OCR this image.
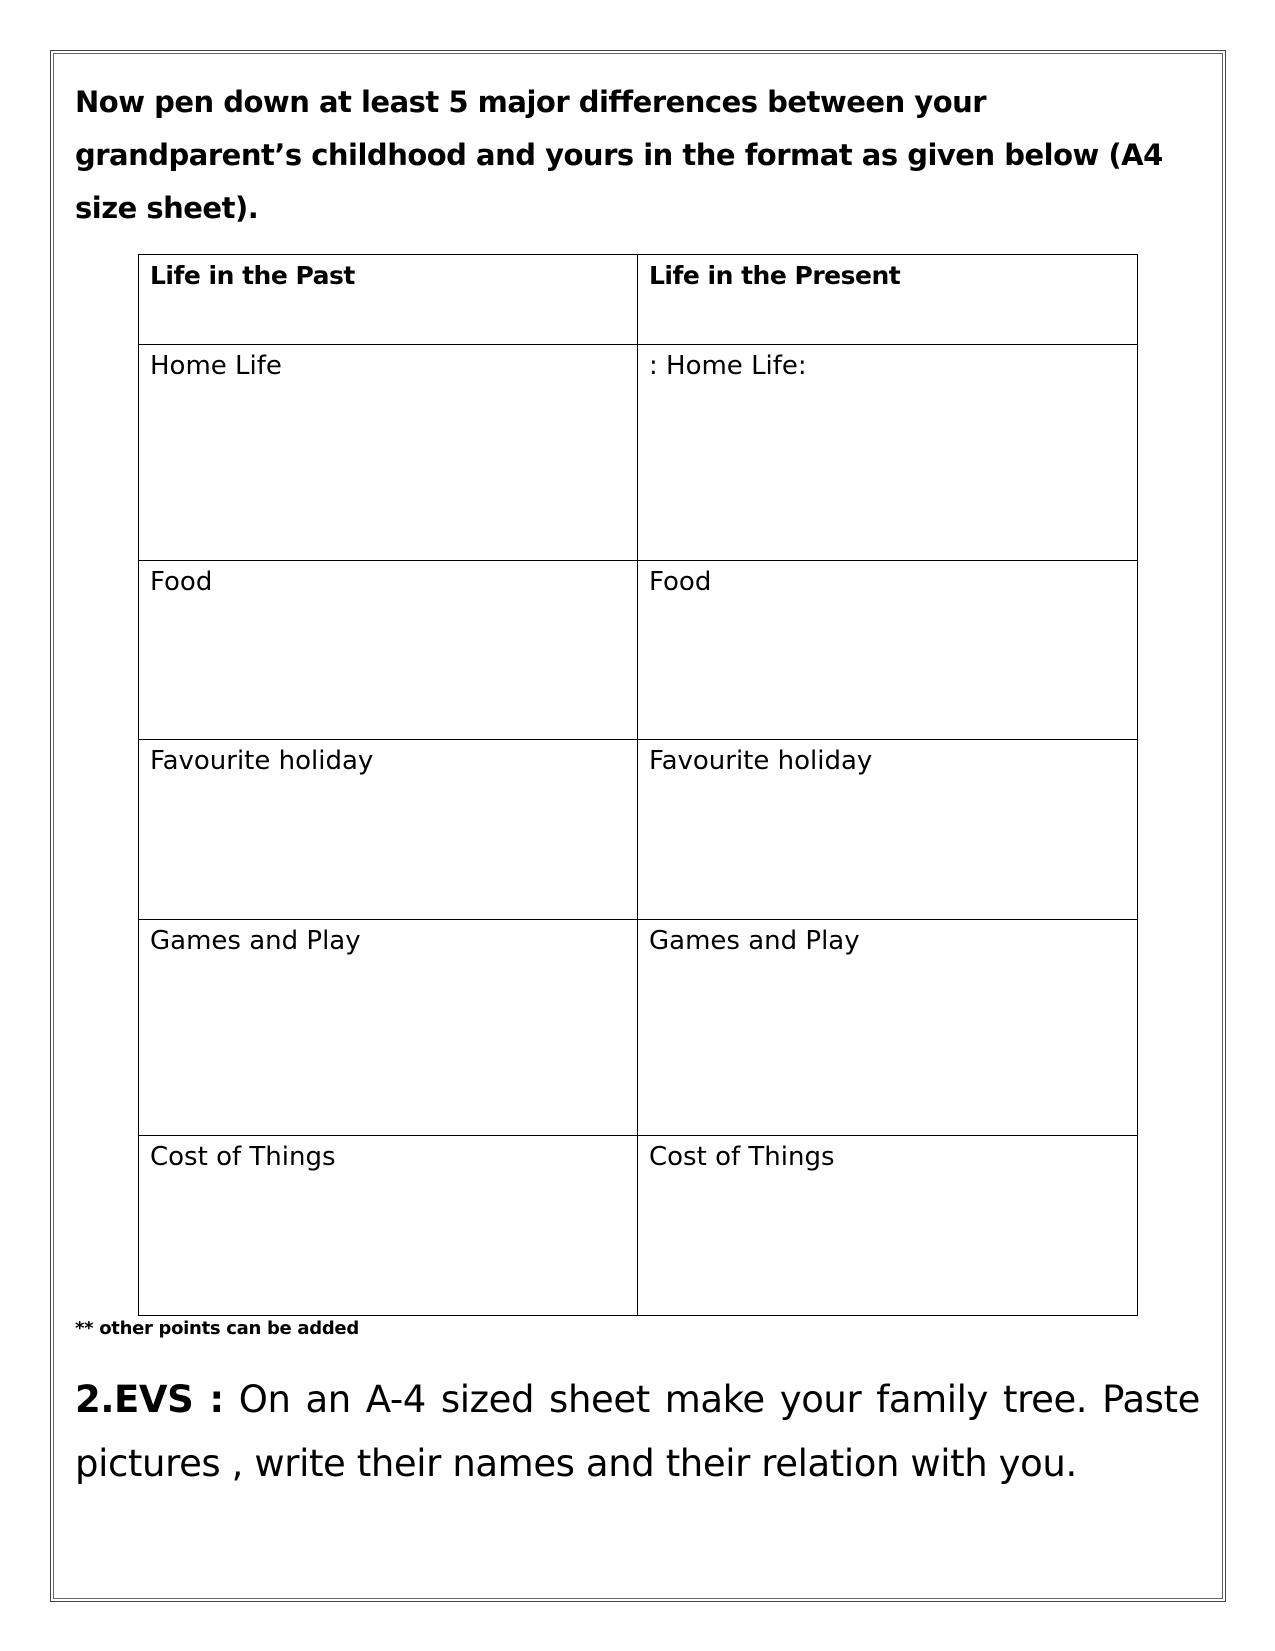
Now pen down at least 5 major differences between your grandparent’s childhood and yours in the format as given below (A4 size sheet).

Life in the Past	Life in the Present
Home Life	: Home Life:
Food	Food
Favourite holiday	Favourite holiday
Games and Play	Games and Play
Cost of Things	Cost of Things

** other points can be added

2.EVS : On an A-4 sized sheet make your family tree. Paste pictures , write their names and their relation with you.
